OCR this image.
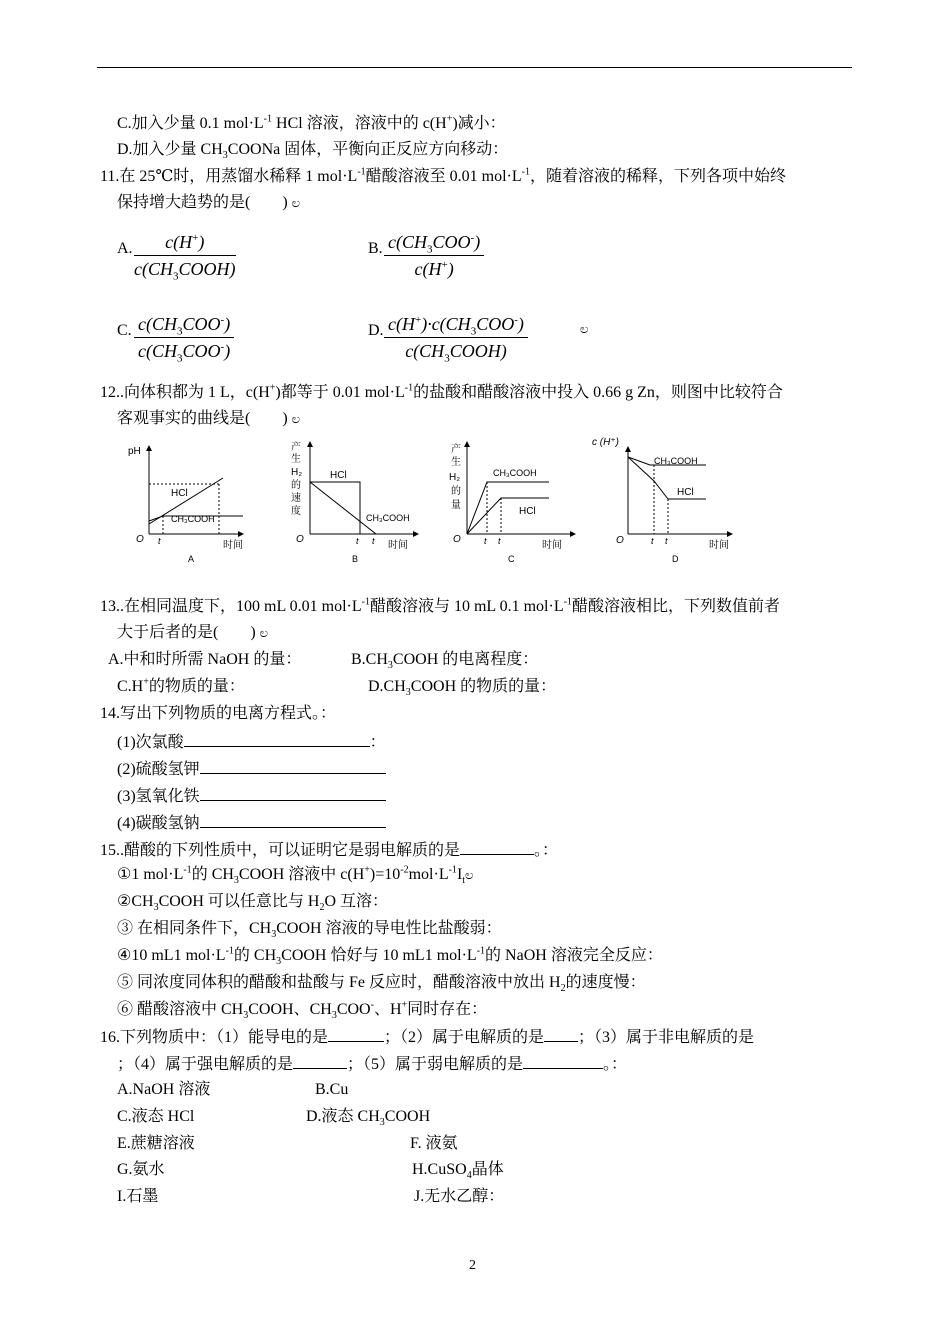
C.加入少量 0.1 $mol\cdot L^{-1}$ HCl 溶液，溶液中的 c(H+)减小：
D.加入少量 $CH_3COONa$ 固体，平衡向正反应方向移动：
11.在 25℃时，用蒸馏水稀释 1 $mol\cdot L^{-1}$醋酸溶液至 0.01 $mol\cdot L^{-1}$，随着溶液的稀释，下列各项中始终
保持增大趋势的是(　　) ಲ
A.	c(H+)
$c(CH_3COOH)$
B. $c(CH_3COO^-)$
c(H+)
C. $c(CH_3COO^-)$
$c(CH_3COO^-)$
D. $c(H^+)\cdot c(CH_3COO^-)$
$c(CH_3COOH)$
ಲ
12..向体积都为 1 L，c(H+)都等于 0.01 $mol\cdot L^{-1}$的盐酸和醋酸溶液中投入 0.66 g Zn，则图中比较符合
客观事实的曲线是(　　) ಲ
pH
HCl
CH₃COOH
O t	时间
A
产
生
H₂
的
速
度
HCl
CH₃COOH
O	t t 时间
B
产
生
H₂
的
量
CH₃COOH
HCl
O	t t	时间
C
c (H⁺)
CH₃COOH
HCl
O	t t	时间
D
13..在相同温度下，100 mL 0.01 $mol\cdot L^{-1}$醋酸溶液与 10 mL 0.1 $mol\cdot L^{-1}$醋酸溶液相比，下列数值前者
大于后者的是(　　) ಲ
A.中和时所需 NaOH 的量：	$B.CH_3COOH$ 的电离程度：
C.H+的物质的量：	$D.CH_3COOH$ 的物质的量：
14.写出下列物质的电离方程式。：
(1)次氯酸	：
(2)硫酸氢钾
(3)氢氧化铁
(4)碳酸氢钠
15..醋酸的下列性质中，可以证明它是弱电解质的是	。：
①1 $mol\cdot L^{-1}$的 $CH_3COOH$ 溶液中 $c(H^+)=10^{-2}mol\cdot L^{-1}I_tಲ$
$②CH_3COOH$ 可以任意比与 $H_2O$ 互溶：
③ 在相同条件下，$CH_3COOH$ 溶液的导电性比盐酸弱：
④10 mL1 $mol\cdot L^{-1}$的 $CH_3COOH$ 恰好与 10 mL1 $mol\cdot L^{-1}$的 NaOH 溶液完全反应：
⑤ 同浓度同体积的醋酸和盐酸与 Fe 反应时，醋酸溶液中放出 $H_2$的速度慢：
⑥ 醋酸溶液中 $CH_3COOH$、$CH_3COO^-$、H+同时存在：
16.下列物质中：（1）能导电的是	；（2）属于电解质的是 ；（3）属于非电解质的是
；（4）属于强电解质的是	；（5）属于弱电解质的是	。：
A.NaOH 溶液	B.Cu
C.液态 HCl	D.液态 $CH_3COOH$
E.蔗糖溶液	F. 液氨
G.氨水	H.CuSO$_4$晶体
I.石墨	J.无水乙醇：
2
